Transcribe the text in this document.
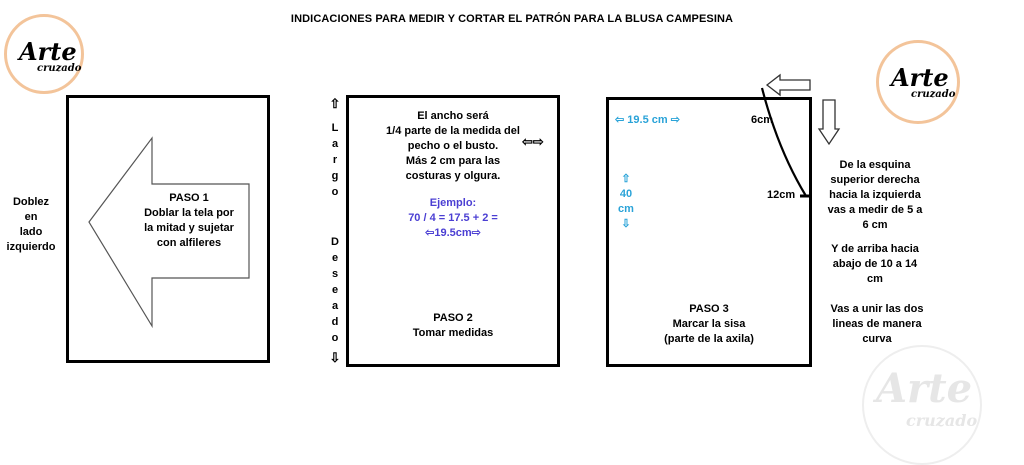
INDICACIONES PARA MEDIR Y CORTAR EL PATRÓN PARA LA BLUSA CAMPESINA
Arte
cruzado	Arte
cruzado
Arte
cruzado
Doblez
en
lado
izquierdo
PASO 1
Doblar la tela por
la mitad y sujetar
con alfileres
⇧
L
a
r
g
o
D
e
s
e
a
d
o
⇩
El ancho será
1/4 parte de la medida del
pecho o el busto.
Más 2 cm para las
costuras y olgura.
Ejemplo:
70 / 4 = 17.5 + 2 =
⇦19.5cm⇨
PASO 2
Tomar medidas
⇦⇨
⇦ 19.5 cm ⇨	6cm
12cm
⇧
40
cm
⇩
PASO 3
Marcar la sisa
(parte de la axila)
De la esquina
superior derecha
hacia la izquierda
vas a medir de 5 a
6 cm
Y de arriba hacia
abajo de 10 a 14
cm
Vas a unir las dos
lineas de manera
curva
